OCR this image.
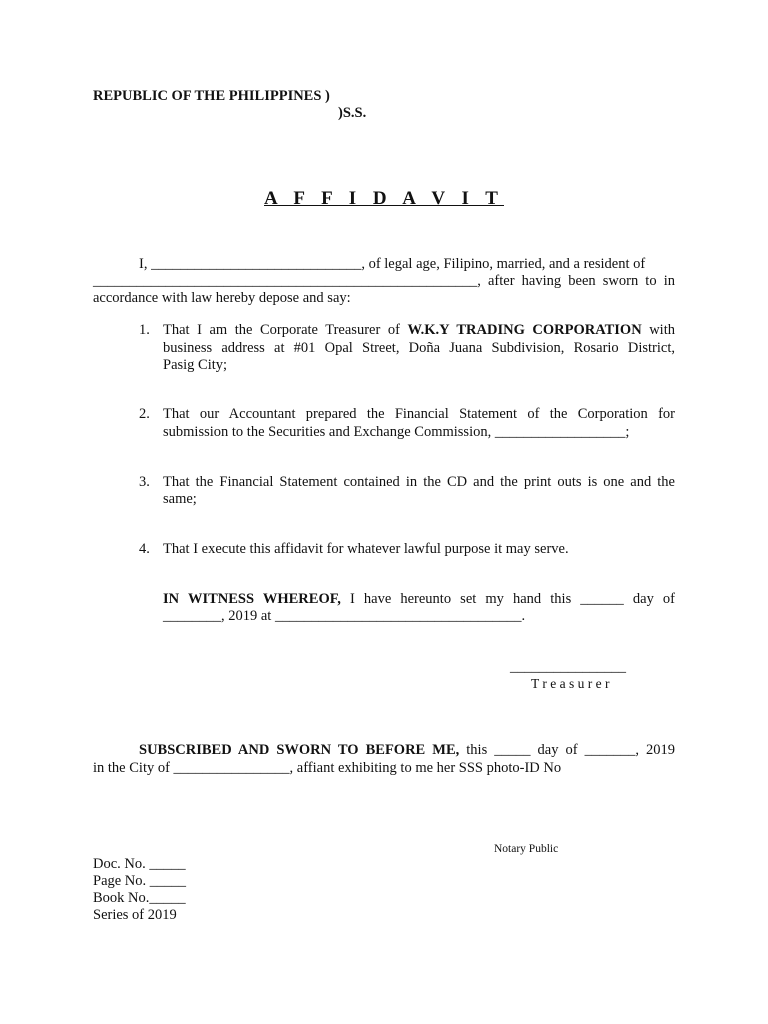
REPUBLIC OF THE PHILIPPINES )
)S.S.
A F F I D A V I T
I, _____________________________, of legal age, Filipino, married, and a resident of
_____________________________________________________, after having been sworn to in
accordance with law hereby depose and say:
1. That I am the Corporate Treasurer of W.K.Y TRADING CORPORATION with
business address at #01 Opal Street, Doña Juana Subdivision, Rosario District,
Pasig City;
2. That our Accountant prepared the Financial Statement of the Corporation for
submission to the Securities and Exchange Commission, __________________;
3. That the Financial Statement contained in the CD and the print outs is one and the
same;
4. That I execute this affidavit for whatever lawful purpose it may serve.
IN WITNESS WHEREOF, I have hereunto set my hand this ______ day of
________, 2019 at __________________________________.
________________
T r e a s u r e r
SUBSCRIBED AND SWORN TO BEFORE ME, this _____ day of _______, 2019
in the City of ________________, affiant exhibiting to me her SSS photo-ID No
Notary Public
Doc. No. _____
Page No. _____
Book No._____
Series of 2019
